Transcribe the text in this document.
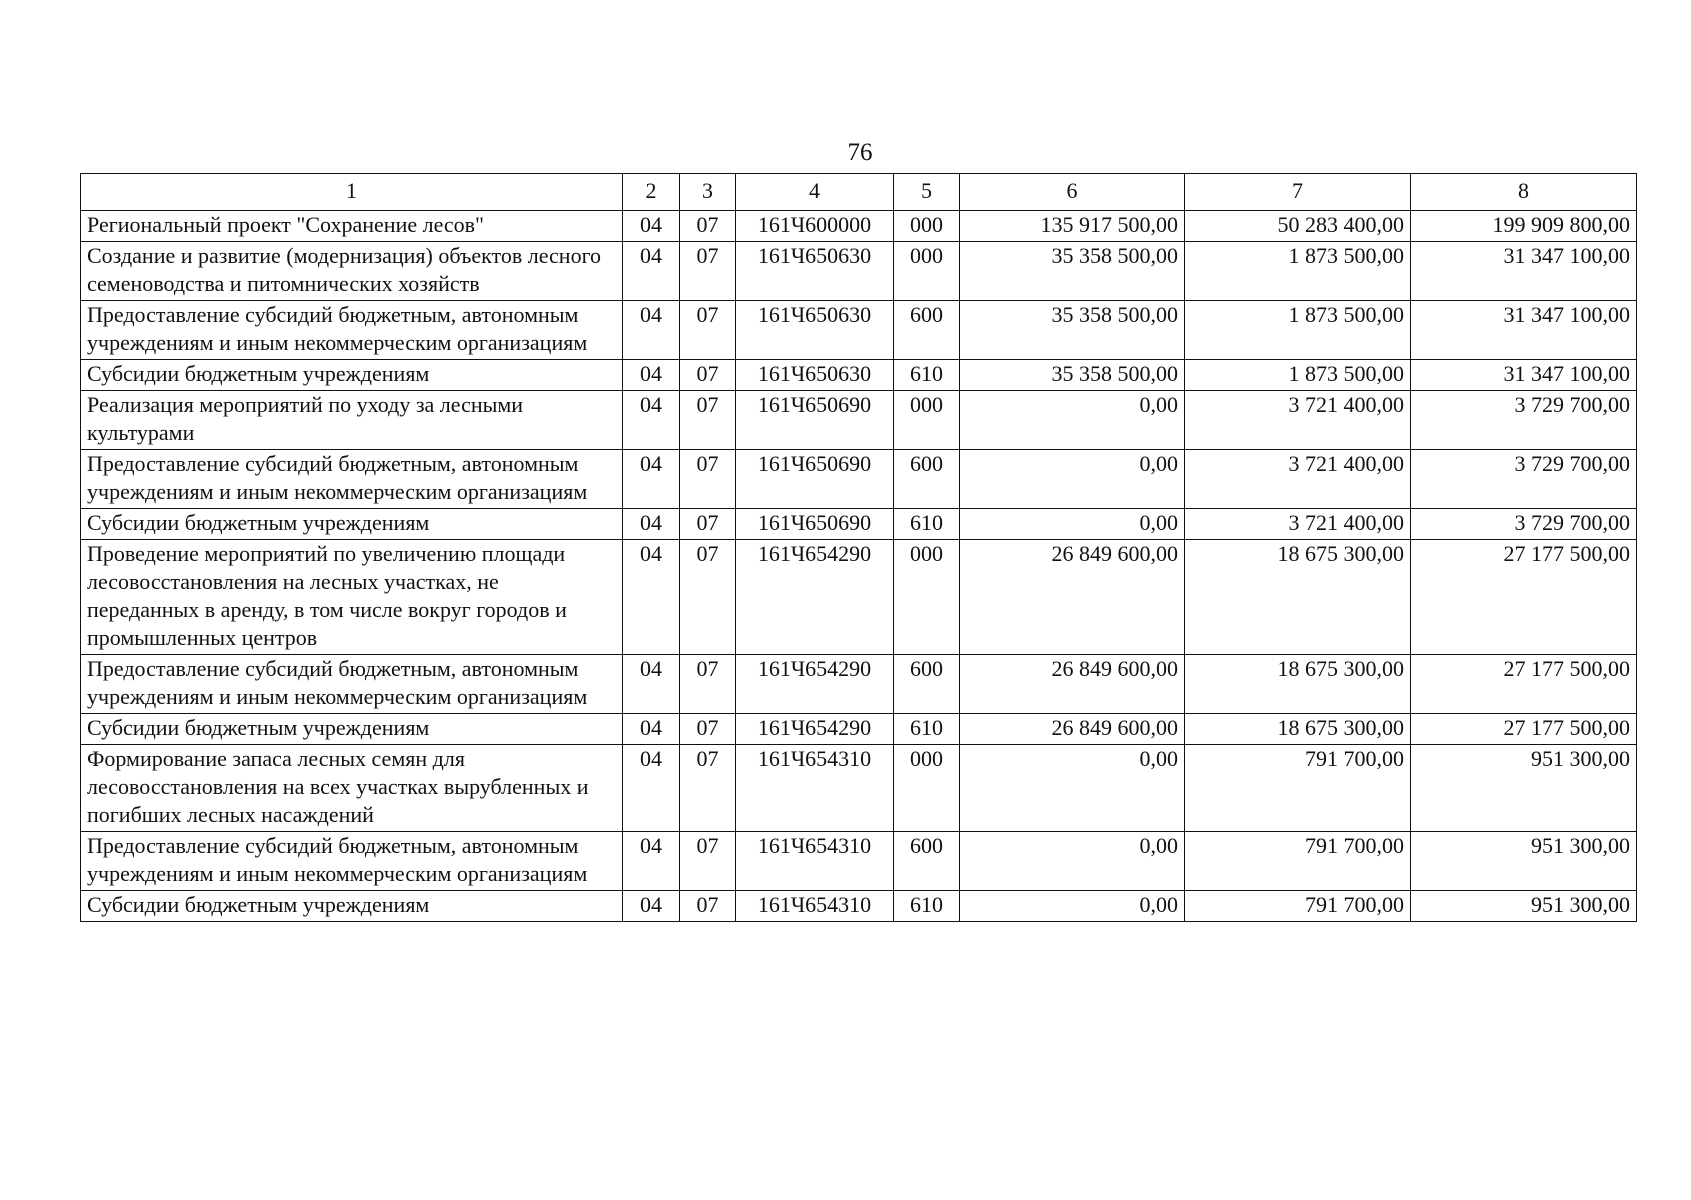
76
1	2	3	4	5	6	7	8
Региональный проект "Сохранение лесов"	04	07	161Ч600000	000	135 917 500,00	50 283 400,00	199 909 800,00
Создание и развитие (модернизация) объектов лесного семеноводства и питомнических хозяйств	04	07	161Ч650630	000	35 358 500,00	1 873 500,00	31 347 100,00
Предоставление субсидий бюджетным, автономным учреждениям и иным некоммерческим организациям	04	07	161Ч650630	600	35 358 500,00	1 873 500,00	31 347 100,00
Субсидии бюджетным учреждениям	04	07	161Ч650630	610	35 358 500,00	1 873 500,00	31 347 100,00
Реализация мероприятий по уходу за лесными культурами	04	07	161Ч650690	000	0,00	3 721 400,00	3 729 700,00
Предоставление субсидий бюджетным, автономным учреждениям и иным некоммерческим организациям	04	07	161Ч650690	600	0,00	3 721 400,00	3 729 700,00
Субсидии бюджетным учреждениям	04	07	161Ч650690	610	0,00	3 721 400,00	3 729 700,00
Проведение мероприятий по увеличению площади лесовосстановления на лесных участках, не переданных в аренду, в том числе вокруг городов и промышленных центров	04	07	161Ч654290	000	26 849 600,00	18 675 300,00	27 177 500,00
Предоставление субсидий бюджетным, автономным учреждениям и иным некоммерческим организациям	04	07	161Ч654290	600	26 849 600,00	18 675 300,00	27 177 500,00
Субсидии бюджетным учреждениям	04	07	161Ч654290	610	26 849 600,00	18 675 300,00	27 177 500,00
Формирование запаса лесных семян для лесовосстановления на всех участках вырубленных и погибших лесных насаждений	04	07	161Ч654310	000	0,00	791 700,00	951 300,00
Предоставление субсидий бюджетным, автономным учреждениям и иным некоммерческим организациям	04	07	161Ч654310	600	0,00	791 700,00	951 300,00
Субсидии бюджетным учреждениям	04	07	161Ч654310	610	0,00	791 700,00	951 300,00
